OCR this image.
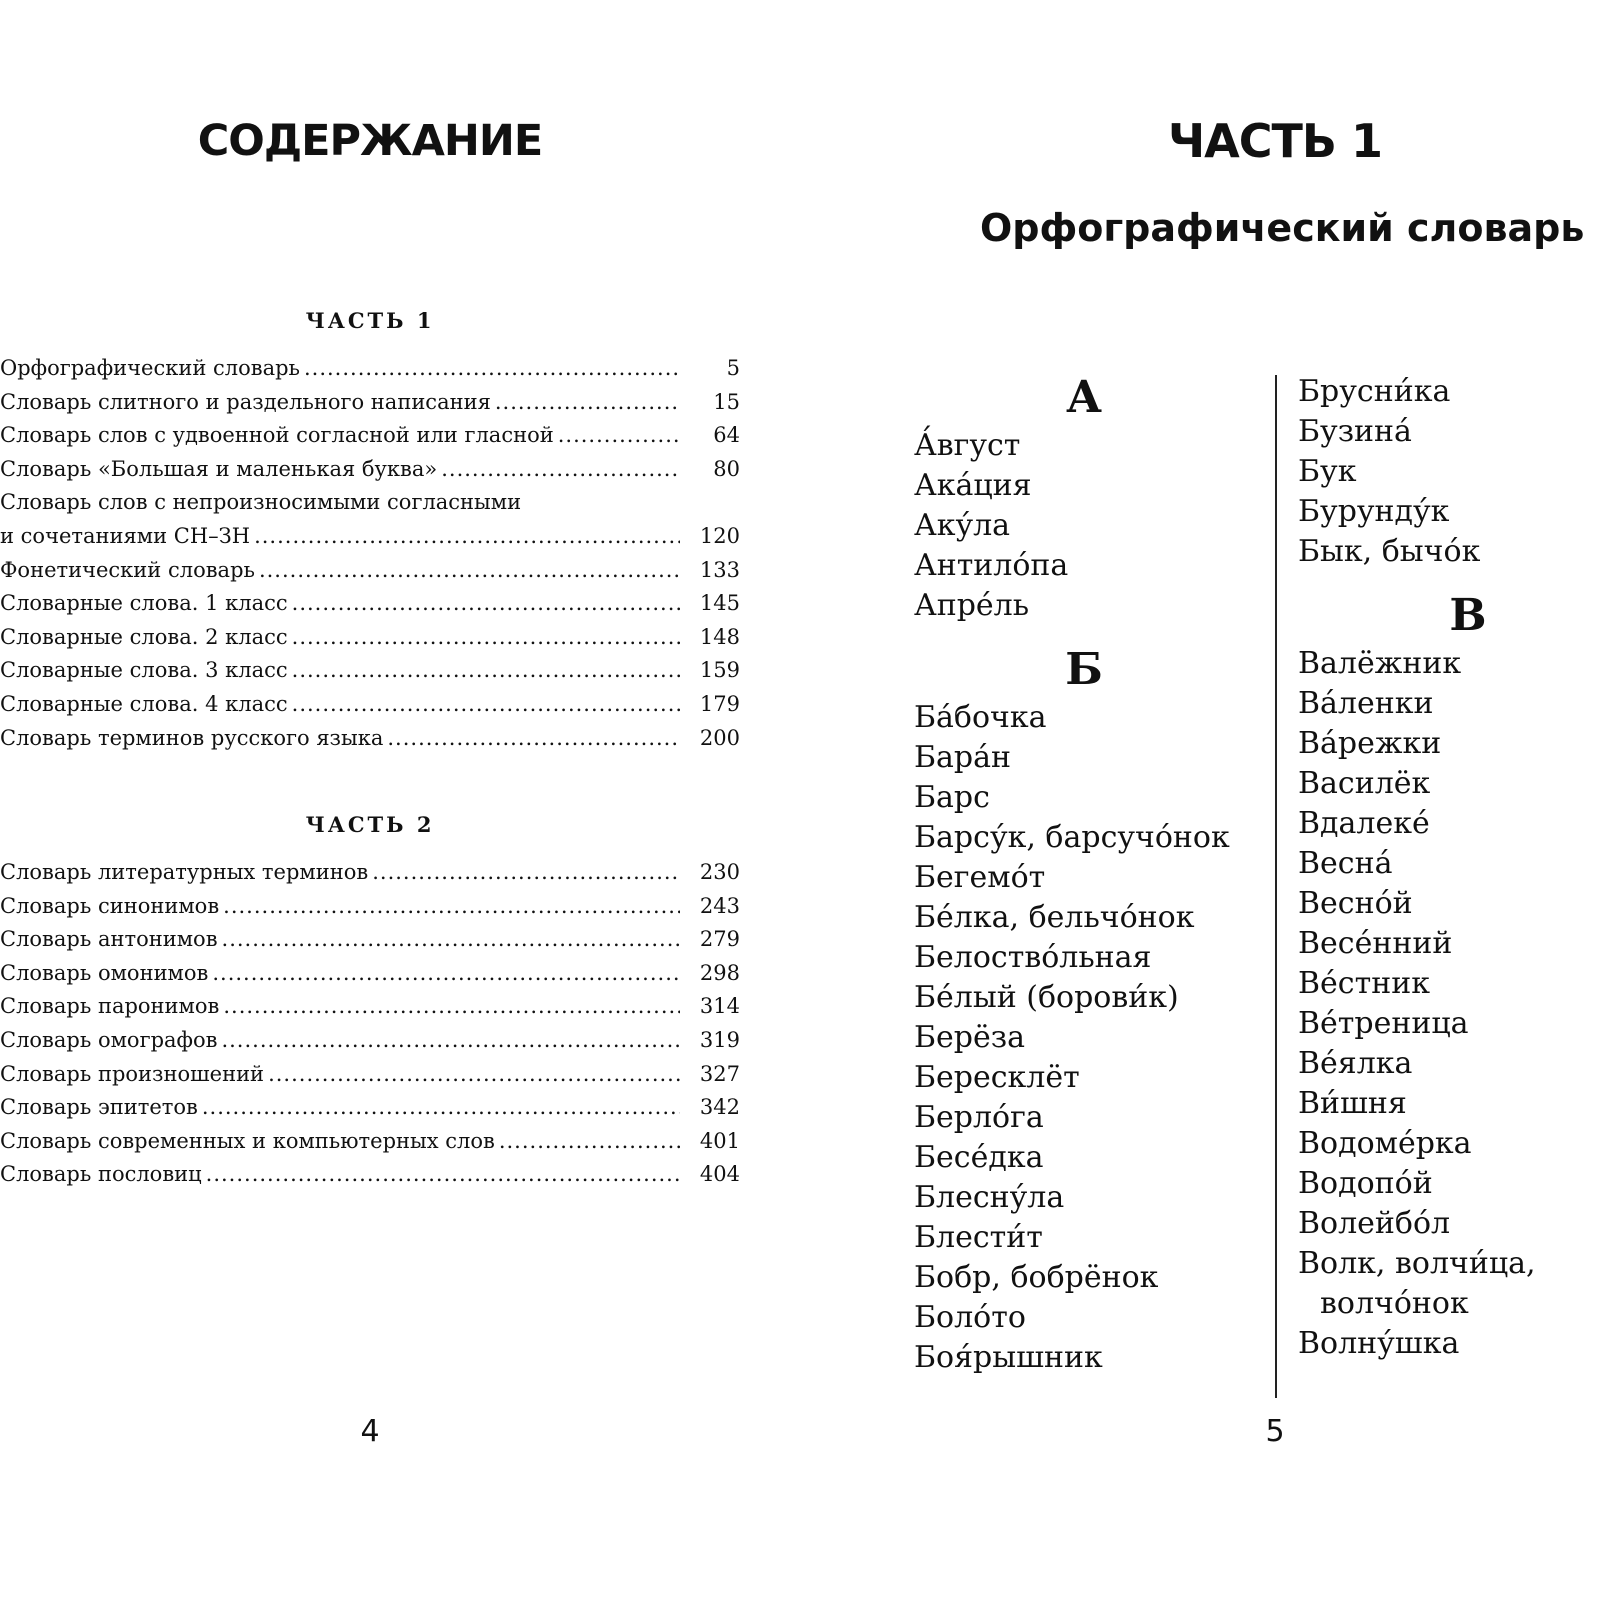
СОДЕРЖАНИЕ
ЧАСТЬ 1
Орфографический словарь .....	5
Словарь слитного и раздельного написания .....	15
Словарь слов с удвоенной согласной или гласной .....	64
Словарь «Большая и маленькая буква» .....	80
Словарь слов с непроизносимыми согласными
и сочетаниями СН–ЗН .....	120
Фонетический словарь .....	133
Словарные слова. 1 класс .....	145
Словарные слова. 2 класс .....	148
Словарные слова. 3 класс .....	159
Словарные слова. 4 класс .....	179
Словарь терминов русского языка .....	200
ЧАСТЬ 2
Словарь литературных терминов .....	230
Словарь синонимов .....	243
Словарь антонимов .....	279
Словарь омонимов .....	298
Словарь паронимов .....	314
Словарь омографов .....	319
Словарь произношений .....	327
Словарь эпитетов .....	342
Словарь современных и компьютерных слов .....	401
Словарь пословиц .....	404
4
ЧАСТЬ 1
Орфографический словарь
А
А́вгуст
Ака́ция
Аку́ла
Антило́па
Апре́ль
Б
Ба́бочка
Бара́н
Барс
Барсу́к, барсучо́нок
Бегемо́т
Бе́лка, бельчо́нок
Белоство́льная
Бе́лый (борови́к)
Берёза
Бересклёт
Берло́га
Бесе́дка
Блесну́ла
Блести́т
Бобр, бобрёнок
Боло́то
Боя́рышник
Брусни́ка
Бузина́
Бук
Бурунду́к
Бык, бычо́к
В
Валёжник
Ва́ленки
Ва́режки
Василёк
Вдалеке́
Весна́
Весно́й
Весе́нний
Ве́стник
Ве́треница
Ве́ялка
Ви́шня
Водоме́рка
Водопо́й
Волейбо́л
Волк, волчи́ца,
волчо́нок
Волну́шка
5
